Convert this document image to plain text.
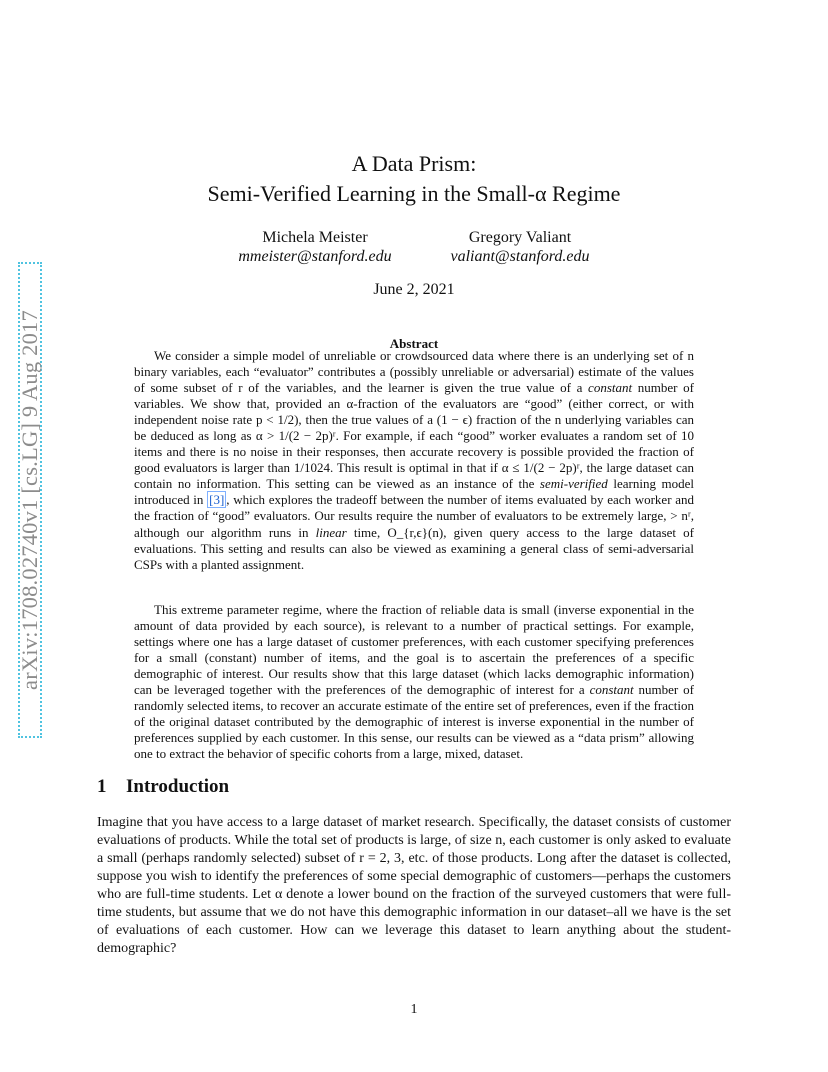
arXiv:1708.02740v1 [cs.LG] 9 Aug 2017
A Data Prism:
Semi-Verified Learning in the Small-α Regime
Michela Meister
mmeister@stanford.edu
Gregory Valiant
valiant@stanford.edu
June 2, 2021
Abstract

We consider a simple model of unreliable or crowdsourced data where there is an underlying set of n binary variables, each “evaluator” contributes a (possibly unreliable or adversarial) estimate of the values of some subset of r of the variables, and the learner is given the true value of a constant number of variables. We show that, provided an α-fraction of the evaluators are “good” (either correct, or with independent noise rate p < 1/2), then the true values of a (1 − ϵ) fraction of the n underlying variables can be deduced as long as α > 1/(2 − 2p)ʳ. For example, if each “good” worker evaluates a random set of 10 items and there is no noise in their responses, then accurate recovery is possible provided the fraction of good evaluators is larger than 1/1024. This result is optimal in that if α ≤ 1/(2 − 2p)ʳ, the large dataset can contain no information. This setting can be viewed as an instance of the semi-verified learning model introduced in [3] , which explores the tradeoff between the number of items evaluated by each worker and the fraction of “good” evaluators. Our results require the number of evaluators to be extremely large, > nʳ, although our algorithm runs in linear time, O_{r,ϵ}(n), given query access to the large dataset of evaluations. This setting and results can also be viewed as examining a general class of semi-adversarial CSPs with a planted assignment.

This extreme parameter regime, where the fraction of reliable data is small (inverse exponential in the amount of data provided by each source), is relevant to a number of practical settings. For example, settings where one has a large dataset of customer preferences, with each customer specifying preferences for a small (constant) number of items, and the goal is to ascertain the preferences of a specific demographic of interest. Our results show that this large dataset (which lacks demographic information) can be leveraged together with the preferences of the demographic of interest for a constant number of randomly selected items, to recover an accurate estimate of the entire set of preferences, even if the fraction of the original dataset contributed by the demographic of interest is inverse exponential in the number of preferences supplied by each customer. In this sense, our results can be viewed as a “data prism” allowing one to extract the behavior of specific cohorts from a large, mixed, dataset.

1 Introduction

Imagine that you have access to a large dataset of market research. Specifically, the dataset consists of customer evaluations of products. While the total set of products is large, of size n, each customer is only asked to evaluate a small (perhaps randomly selected) subset of r = 2, 3, etc. of those products. Long after the dataset is collected, suppose you wish to identify the preferences of some special demographic of customers—perhaps the customers who are full-time students. Let α denote a lower bound on the fraction of the surveyed customers that were full-time students, but assume that we do not have this demographic information in our dataset–all we have is the set of evaluations of each customer. How can we leverage this dataset to learn anything about the student-demographic?

1
